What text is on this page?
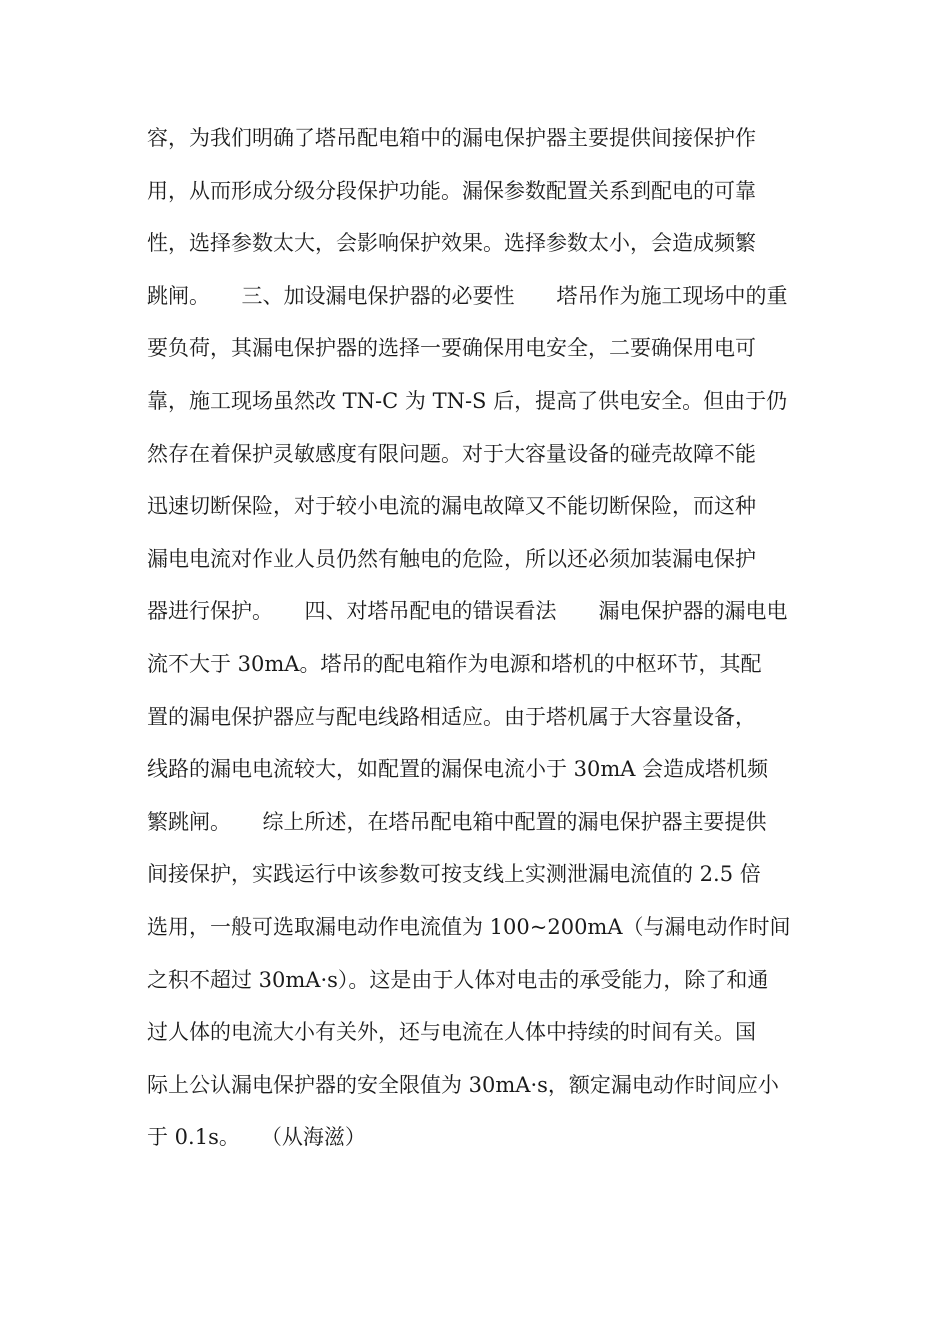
容，为我们明确了塔吊配电箱中的漏电保护器主要提供间接保护作
用，从而形成分级分段保护功能。漏保参数配置关系到配电的可靠
性，选择参数太大，会影响保护效果。选择参数太小，会造成频繁
跳闸。　　三、加设漏电保护器的必要性　　塔吊作为施工现场中的重
要负荷，其漏电保护器的选择一要确保用电安全，二要确保用电可
靠，施工现场虽然改 TN-C 为 TN-S 后，提高了供电安全。但由于仍
然存在着保护灵敏感度有限问题。对于大容量设备的碰壳故障不能
迅速切断保险，对于较小电流的漏电故障又不能切断保险，而这种
漏电电流对作业人员仍然有触电的危险，所以还必须加装漏电保护
器进行保护。　　四、对塔吊配电的错误看法　　漏电保护器的漏电电
流不大于 30mA。塔吊的配电箱作为电源和塔机的中枢环节，其配
置的漏电保护器应与配电线路相适应。由于塔机属于大容量设备，
线路的漏电电流较大，如配置的漏保电流小于 30mA 会造成塔机频
繁跳闸。　　综上所述，在塔吊配电箱中配置的漏电保护器主要提供
间接保护，实践运行中该参数可按支线上实测泄漏电流值的 2.5 倍
选用，一般可选取漏电动作电流值为 100~200mA（与漏电动作时间
之积不超过 30mA·s）。这是由于人体对电击的承受能力，除了和通
过人体的电流大小有关外，还与电流在人体中持续的时间有关。国
际上公认漏电保护器的安全限值为 30mA·s，额定漏电动作时间应小
于 0.1s。　　（从海滋）
